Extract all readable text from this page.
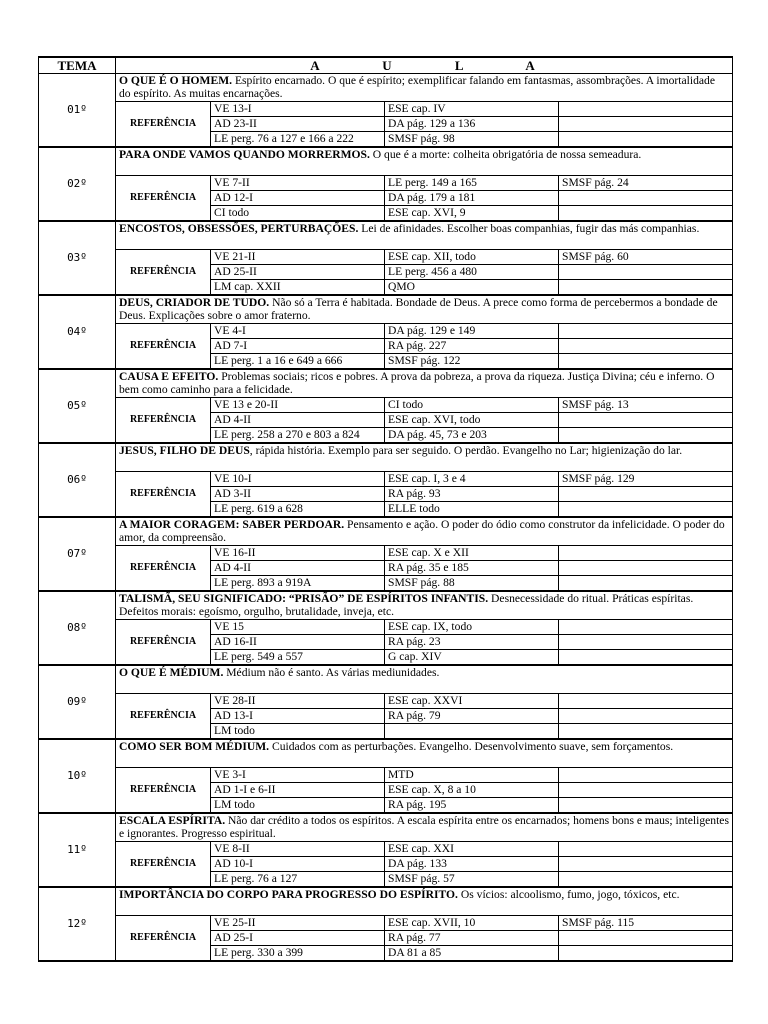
TEMA	A U L A			
01º	O QUE É O HOMEM. Espírito encarnado. O que é espírito; exemplificar falando em fantasmas, assombrações. A imortalidade do espírito. As muitas encarnações.			
	REFERÊNCIA	VE 13-I	ESE cap. IV	
		AD 23-II	DA pág. 129 a 136	
		LE perg. 76 a 127 e 166 a 222	SMSF pág. 98	
02º	PARA ONDE VAMOS QUANDO MORRERMOS. O que é a morte: colheita obrigatória de nossa semeadura.			
	REFERÊNCIA	VE 7-II	LE perg. 149 a 165	SMSF pág. 24
		AD 12-I	DA pág. 179 a 181	
		CI todo	ESE cap. XVI, 9	
03º	ENCOSTOS, OBSESSÕES, PERTURBAÇÕES. Lei de afinidades. Escolher boas companhias, fugir das más companhias.			
	REFERÊNCIA	VE 21-II	ESE cap. XII, todo	SMSF pág. 60
		AD 25-II	LE perg. 456 a 480	
		LM cap. XXII	QMO	
04º	DEUS, CRIADOR DE TUDO. Não só a Terra é habitada. Bondade de Deus. A prece como forma de percebermos a bondade de Deus. Explicações sobre o amor fraterno.			
	REFERÊNCIA	VE 4-I	DA pág. 129 e 149	
		AD 7-I	RA pág. 227	
		LE perg. 1 a 16 e 649 a 666	SMSF pág. 122	
05º	CAUSA E EFEITO. Problemas sociais; ricos e pobres. A prova da pobreza, a prova da riqueza. Justiça Divina; céu e inferno. O bem como caminho para a felicidade.			
	REFERÊNCIA	VE 13 e 20-II	CI todo	SMSF pág. 13
		AD 4-II	ESE cap. XVI, todo	
		LE perg. 258 a 270 e 803 a 824	DA pág. 45, 73 e 203	
06º	JESUS, FILHO DE DEUS, rápida história. Exemplo para ser seguido. O perdão. Evangelho no Lar; higienização do lar.			
	REFERÊNCIA	VE 10-I	ESE cap. I, 3 e 4	SMSF pág. 129
		AD 3-II	RA pág. 93	
		LE perg. 619 a 628	ELLE todo	
07º	A MAIOR CORAGEM: SABER PERDOAR. Pensamento e ação. O poder do ódio como construtor da infelicidade. O poder do amor, da compreensão.			
	REFERÊNCIA	VE 16-II	ESE cap. X e XII	
		AD 4-II	RA pág. 35 e 185	
		LE perg. 893 a 919A	SMSF pág. 88	
08º	TALISMÃ, SEU SIGNIFICADO: “PRISÃO” DE ESPÍRITOS INFANTIS. Desnecessidade do ritual. Práticas espíritas. Defeitos morais: egoísmo, orgulho, brutalidade, inveja, etc.			
	REFERÊNCIA	VE 15	ESE cap. IX, todo	
		AD 16-II	RA pág. 23	
		LE perg. 549 a 557	G cap. XIV	
09º	O QUE É MÉDIUM. Médium não é santo. As várias mediunidades.			
	REFERÊNCIA	VE 28-II	ESE cap. XXVI	
		AD 13-I	RA pág. 79	
		LM todo		
10º	COMO SER BOM MÉDIUM. Cuidados com as perturbações. Evangelho. Desenvolvimento suave, sem forçamentos.			
	REFERÊNCIA	VE 3-I	MTD	
		AD 1-I e 6-II	ESE cap. X, 8 a 10	
		LM todo	RA pág. 195	
11º	ESCALA ESPÍRITA. Não dar crédito a todos os espíritos. A escala espírita entre os encarnados; homens bons e maus; inteligentes e ignorantes. Progresso espiritual.			
	REFERÊNCIA	VE 8-II	ESE cap. XXI	
		AD 10-I	DA pág. 133	
		LE perg. 76 a 127	SMSF pág. 57	
12º	IMPORTÂNCIA DO CORPO PARA PROGRESSO DO ESPÍRITO. Os vícios: alcoolismo, fumo, jogo, tóxicos, etc.			
	REFERÊNCIA	VE 25-II	ESE cap. XVII, 10	SMSF pág. 115
		AD 25-I	RA pág. 77	
		LE perg. 330 a 399	DA 81 a 85	
